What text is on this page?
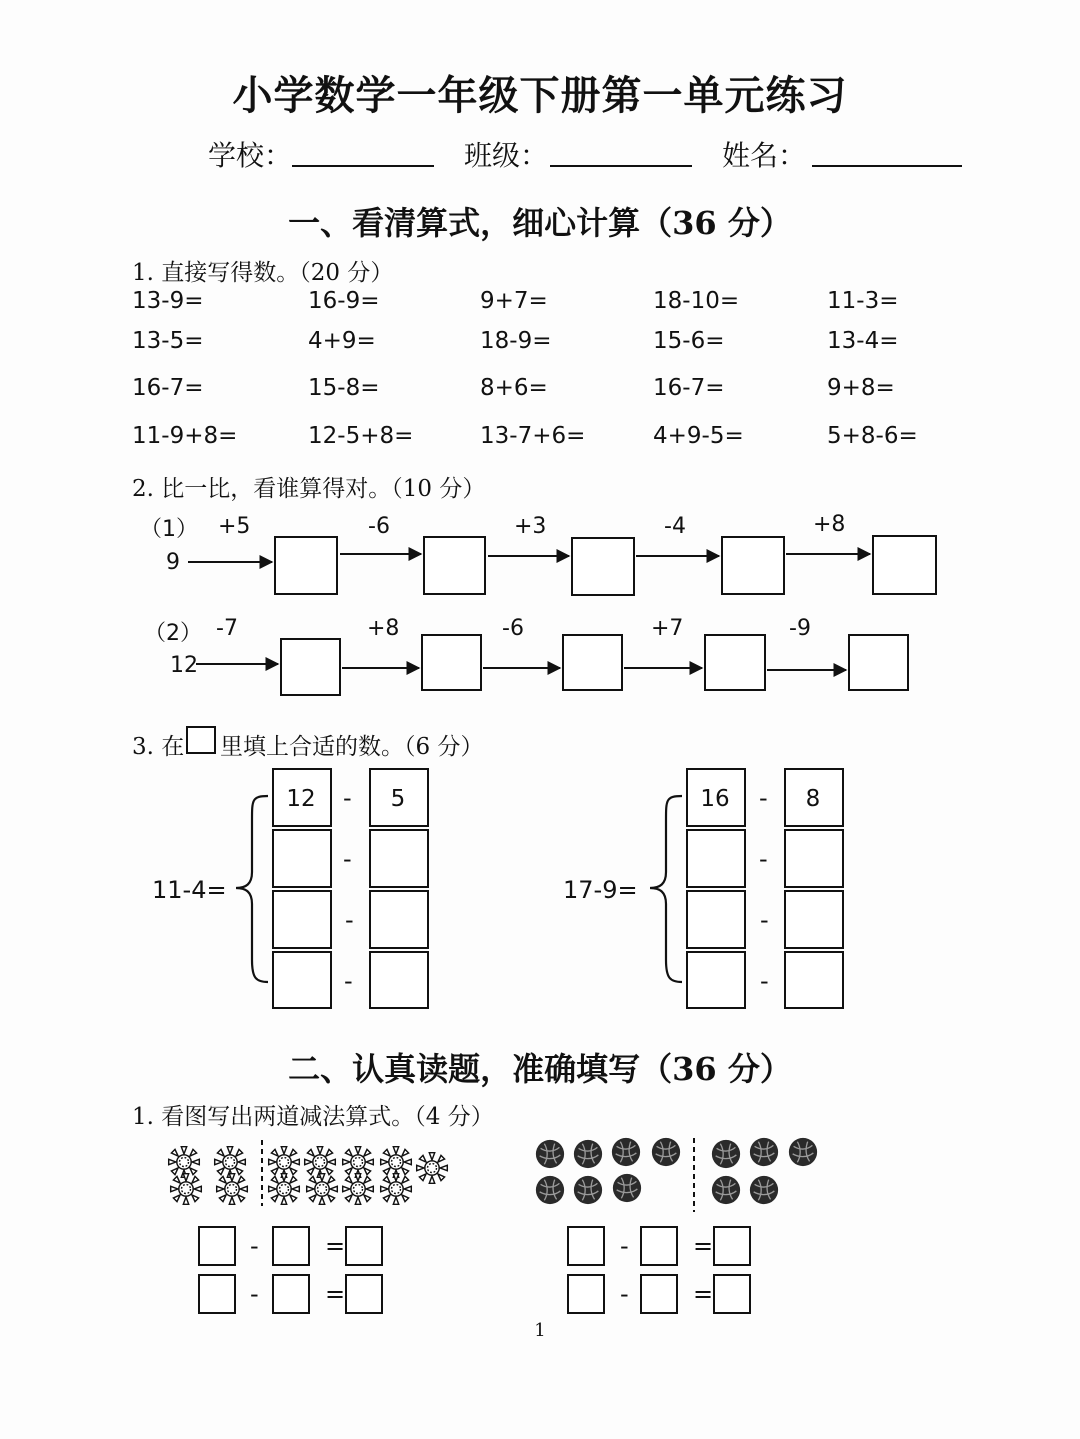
小学数学一年级下册第一单元练习
学校：	班级：	姓名：
一、看清算式，细心计算（36 分）
1. 直接写得数。（20 分）
13-9=	16-9=	9+7=	18-10=	11-3=
13-5=	4+9=	18-9=	15-6=	13-4=
16-7=	15-8=	8+6=	16-7=	9+8=
11-9+8=	12-5+8=	13-7+6=	4+9-5=	5+8-6=
2. 比一比，看谁算得对。（10 分）
（1）
9
+5	-6	+3	-4	+8
（2）
12
-7	+8	-6	+7	-9
3. 在 里填上合适的数。（6 分）
11-4=
12	-	5
-
-
-
17-9=
16	-	8
-
-
-
二、认真读题，准确填写（36 分）
1. 看图写出两道减法算式。（4 分）
-	=
-	=
-	=
-	=
1
